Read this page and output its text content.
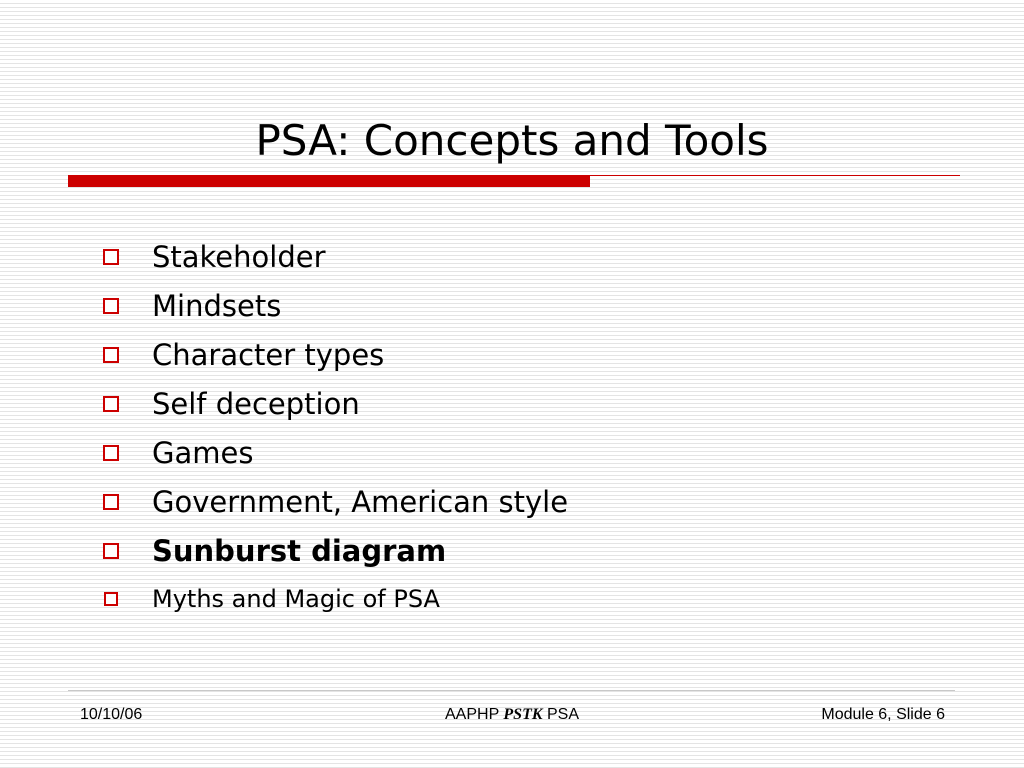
PSA: Concepts and Tools
Stakeholder
Mindsets
Character types
Self deception
Games
Government, American style
Sunburst diagram
Myths and Magic of PSA
10/10/06	AAPHP PSTK PSA	Module 6, Slide 6
